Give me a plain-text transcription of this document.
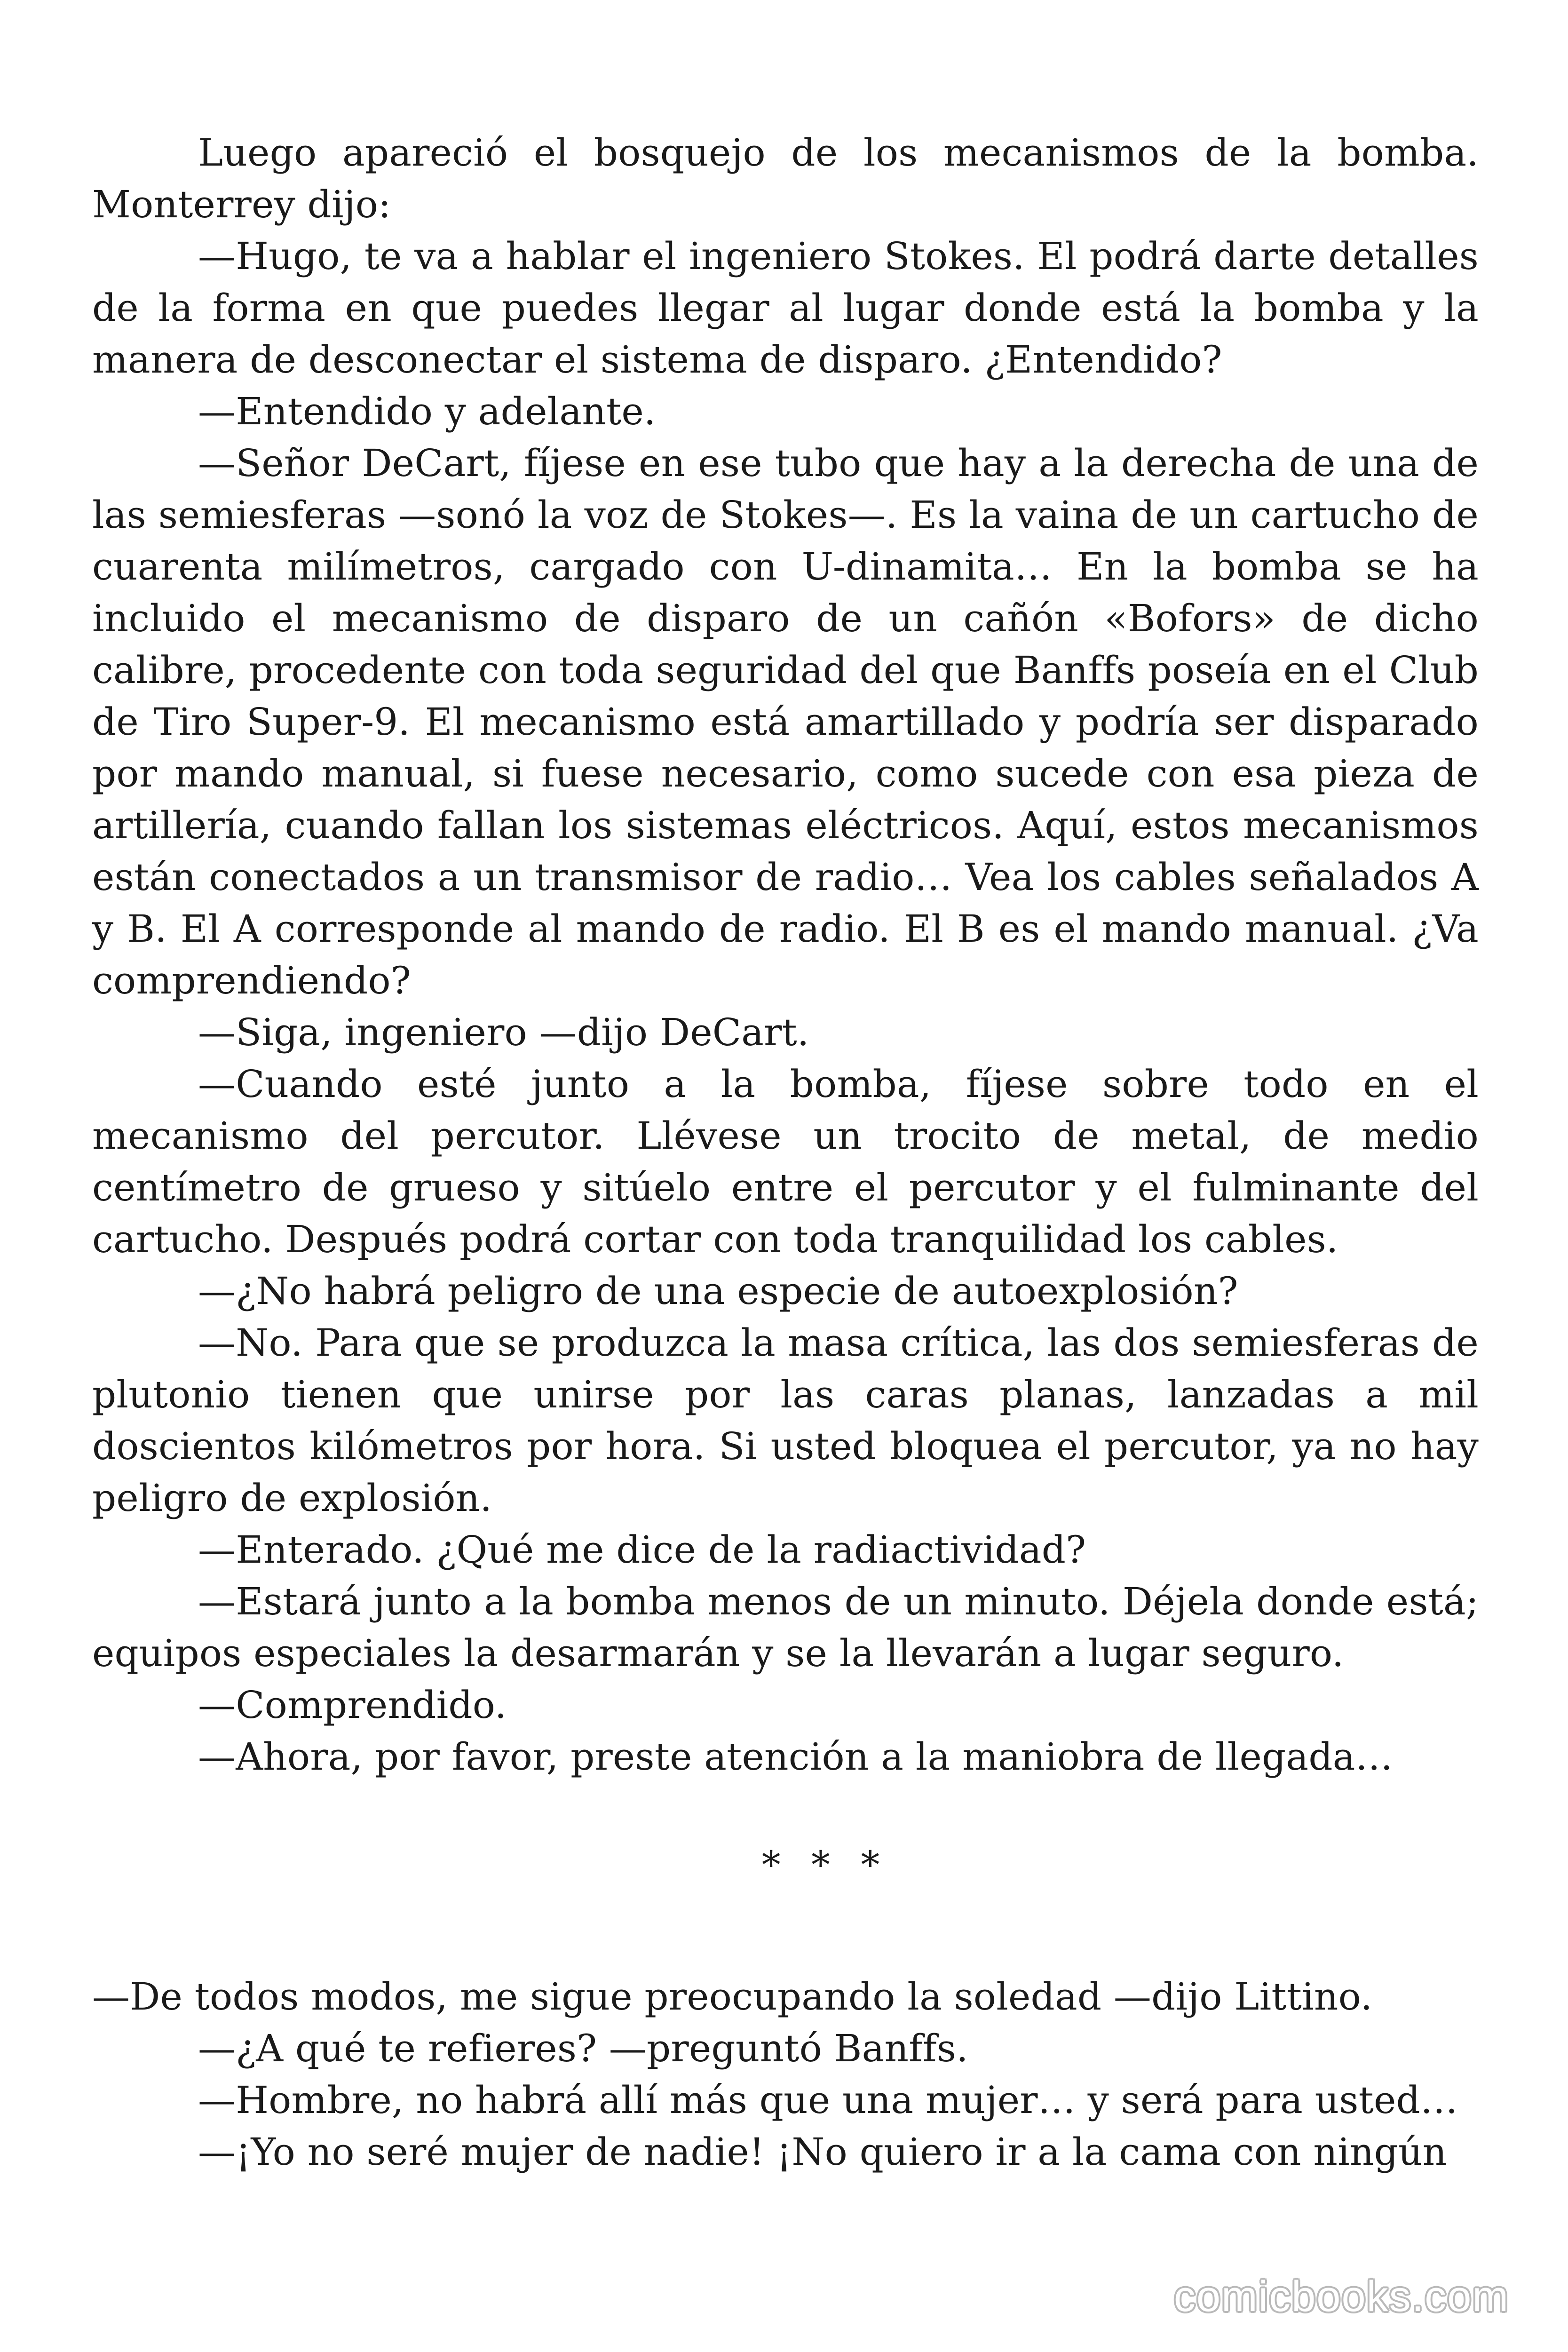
Luego apareció el bosquejo de los mecanismos de la bomba. Monterrey dijo:

—Hugo, te va a hablar el ingeniero Stokes. El podrá darte detalles de la forma en que puedes llegar al lugar donde está la bomba y la manera de desconectar el sistema de disparo. ¿Entendido?

—Entendido y adelante.

—Señor DeCart, fíjese en ese tubo que hay a la derecha de una de las semiesferas —sonó la voz de Stokes—. Es la vaina de un cartucho de cuarenta milímetros, cargado con U-dinamita… En la bomba se ha incluido el mecanismo de disparo de un cañón «Bofors» de dicho calibre, procedente con toda seguridad del que Banffs poseía en el Club de Tiro Super-9. El mecanismo está amartillado y podría ser disparado por mando manual, si fuese necesario, como sucede con esa pieza de artillería, cuando fallan los sistemas eléctricos. Aquí, estos mecanismos están conectados a un transmisor de radio… Vea los cables señalados A y B. El A corresponde al mando de radio. El B es el mando manual. ¿Va comprendiendo?

—Siga, ingeniero —dijo DeCart.

—Cuando esté junto a la bomba, fíjese sobre todo en el mecanismo del percutor. Llévese un trocito de metal, de medio centímetro de grueso y sitúelo entre el percutor y el fulminante del cartucho. Después podrá cortar con toda tranquilidad los cables.

—¿No habrá peligro de una especie de autoexplosión?

—No. Para que se produzca la masa crítica, las dos semiesferas de plutonio tienen que unirse por las caras planas, lanzadas a mil doscientos kilómetros por hora. Si usted bloquea el percutor, ya no hay peligro de explosión.

—Enterado. ¿Qué me dice de la radiactividad?

—Estará junto a la bomba menos de un minuto. Déjela donde está; equipos especiales la desarmarán y se la llevarán a lugar seguro.

—Comprendido.

—Ahora, por favor, preste atención a la maniobra de llegada…

* * *

—De todos modos, me sigue preocupando la soledad —dijo Littino.

—¿A qué te refieres? —preguntó Banffs.

—Hombre, no habrá allí más que una mujer… y será para usted…

—¡Yo no seré mujer de nadie! ¡No quiero ir a la cama con ningún

comicbooks.com
